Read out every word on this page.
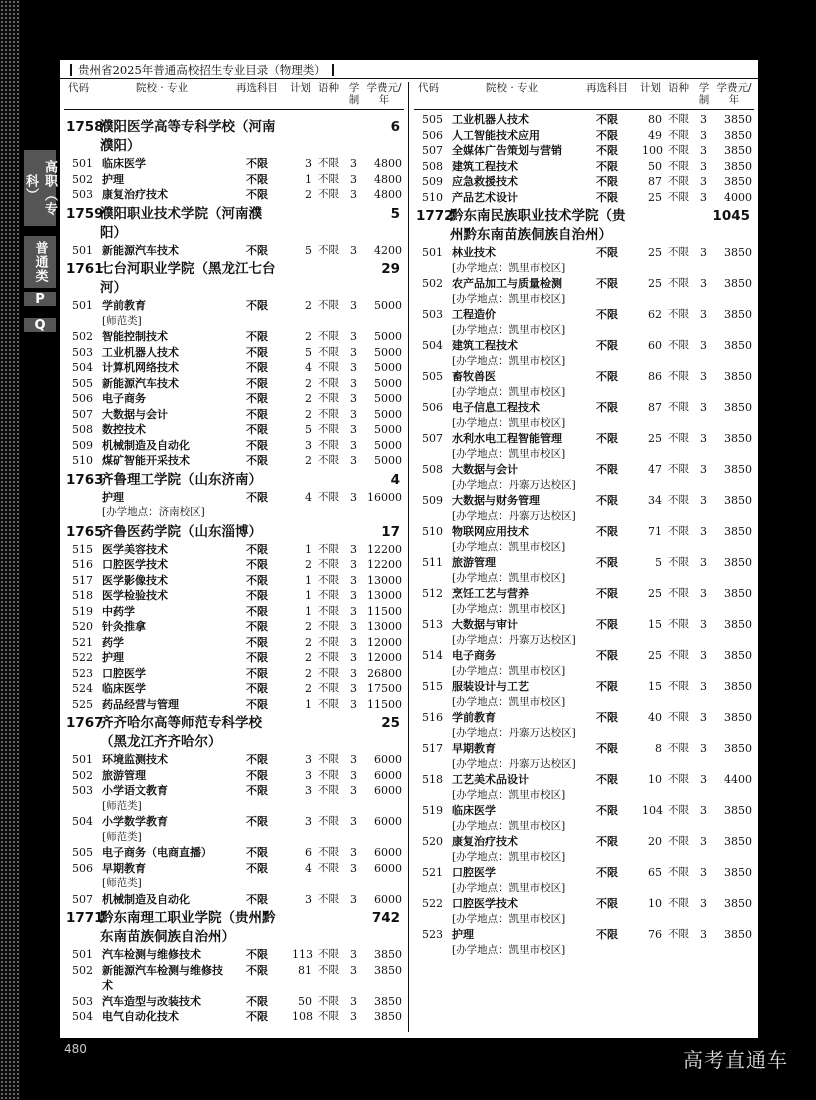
高职（专科）
普通类
P
Q
贵州省2025年普通高校招生专业目录（物理类）
代码	院校 · 专业	再选科目 计划 语种 学制
学费元/年
1758
濮阳医学高等专科学校（河南	6
濮阳）
501 临床医学	不限	3 不限 3	4800
502 护理	不限	1 不限 3	4800
503 康复治疗技术	不限	2 不限 3	4800
1759
濮阳职业技术学院（河南濮	5
阳）
501 新能源汽车技术	不限	5 不限 3	4200
1761
七台河职业学院（黑龙江七台	29
河）
501 学前教育	不限	2 不限 3	5000
[师范类]
502 智能控制技术	不限	2 不限 3	5000
503 工业机器人技术	不限	5 不限 3	5000
504 计算机网络技术	不限	4 不限 3	5000
505 新能源汽车技术	不限	2 不限 3	5000
506 电子商务	不限	2 不限 3	5000
507 大数据与会计	不限	2 不限 3	5000
508 数控技术	不限	5 不限 3	5000
509 机械制造及自动化	不限	3 不限 3	5000
510 煤矿智能开采技术	不限	2 不限 3	5000
1763
齐鲁理工学院（山东济南）	4
护理	不限	4 不限 3 16000
[办学地点：济南校区]
1765
齐鲁医药学院（山东淄博）	17
515 医学美容技术	不限	1 不限 3 12200
516 口腔医学技术	不限	2 不限 3 12200
517 医学影像技术	不限	1 不限 3 13000
518 医学检验技术	不限	1 不限 3 13000
519 中药学	不限	1 不限 3 11500
520 针灸推拿	不限	2 不限 3 13000
521 药学	不限	2 不限 3 12000
522 护理	不限	2 不限 3 12000
523 口腔医学	不限	2 不限 3 26800
524 临床医学	不限	2 不限 3 17500
525 药品经营与管理	不限	1 不限 3 11500
1767
齐齐哈尔高等师范专科学校	25
（黑龙江齐齐哈尔）
501 环境监测技术	不限	3 不限 3	6000
502 旅游管理	不限	3 不限 3	6000
503 小学语文教育	不限	3 不限 3	6000
[师范类]
504 小学数学教育	不限	3 不限 3	6000
[师范类]
505 电子商务（电商直播）	不限	6 不限 3	6000
506 早期教育	不限	4 不限 3	6000
[师范类]
507 机械制造及自动化	不限	3 不限 3	6000
1771
黔东南理工职业学院（贵州黔	742
东南苗族侗族自治州）
501 汽车检测与维修技术	不限 113 不限 3	3850
502 新能源汽车检测与维修技 不限	81 不限 3	3850
术
503 汽车造型与改装技术	不限	50 不限 3	3850
504 电气自动化技术	不限 108 不限 3	3850
代码	院校 · 专业	再选科目 计划 语种 学制
学费元/年
505 工业机器人技术	不限	80 不限 3	3850
506 人工智能技术应用	不限	49 不限 3	3850
507 全媒体广告策划与营销	不限 100 不限 3	3850
508 建筑工程技术	不限	50 不限 3	3850
509 应急救援技术	不限	87 不限 3	3850
510 产品艺术设计	不限	25 不限 3	4000
1772
黔东南民族职业技术学院（贵	1045
州黔东南苗族侗族自治州）
501 林业技术	不限	25 不限 3	3850
[办学地点：凯里市校区]
502 农产品加工与质量检测	不限	25 不限 3	3850
[办学地点：凯里市校区]
503 工程造价	不限	62 不限 3	3850
[办学地点：凯里市校区]
504 建筑工程技术	不限	60 不限 3	3850
[办学地点：凯里市校区]
505 畜牧兽医	不限	86 不限 3	3850
[办学地点：凯里市校区]
506 电子信息工程技术	不限	87 不限 3	3850
[办学地点：凯里市校区]
507 水利水电工程智能管理	不限	25 不限 3	3850
[办学地点：凯里市校区]
508 大数据与会计	不限	47 不限 3	3850
[办学地点：丹寨万达校区]
509 大数据与财务管理	不限	34 不限 3	3850
[办学地点：丹寨万达校区]
510 物联网应用技术	不限	71 不限 3	3850
[办学地点：凯里市校区]
511 旅游管理	不限	5 不限 3	3850
[办学地点：凯里市校区]
512 烹饪工艺与营养	不限	25 不限 3	3850
[办学地点：凯里市校区]
513 大数据与审计	不限	15 不限 3	3850
[办学地点：丹寨万达校区]
514 电子商务	不限	25 不限 3	3850
[办学地点：凯里市校区]
515 服装设计与工艺	不限	15 不限 3	3850
[办学地点：凯里市校区]
516 学前教育	不限	40 不限 3	3850
[办学地点：丹寨万达校区]
517 早期教育	不限	8 不限 3	3850
[办学地点：丹寨万达校区]
518 工艺美术品设计	不限	10 不限 3	4400
[办学地点：凯里市校区]
519 临床医学	不限 104 不限 3	3850
[办学地点：凯里市校区]
520 康复治疗技术	不限	20 不限 3	3850
[办学地点：凯里市校区]
521 口腔医学	不限	65 不限 3	3850
[办学地点：凯里市校区]
522 口腔医学技术	不限	10 不限 3	3850
[办学地点：凯里市校区]
523 护理	不限	76 不限 3	3850
[办学地点：凯里市校区]
480	高考直通车
